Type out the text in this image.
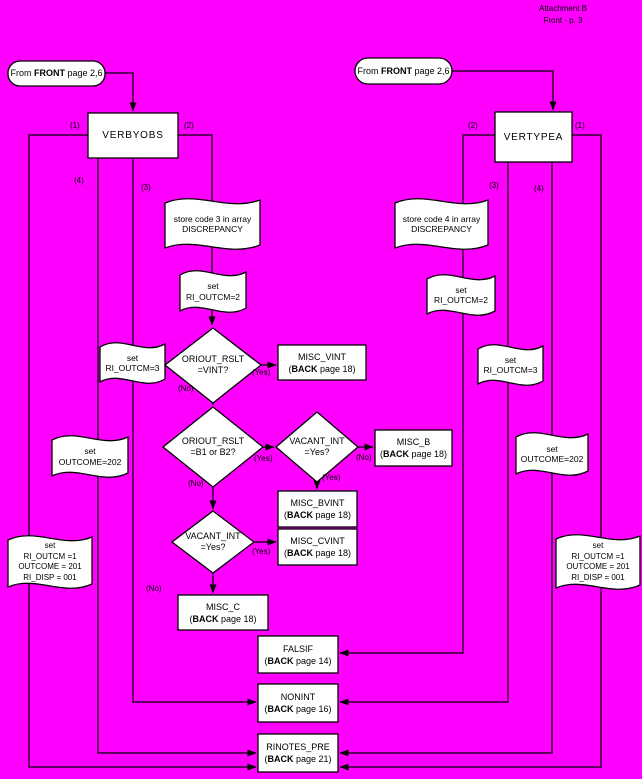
Attachment B
Front - p. 3
From FRONT page 2,6	From FRONT page 2,6
VERBYOBS	VERTYPEA
store code 3 in array
DISCREPANCY
set
RI_OUTCM=2
set
RI_OUTCM=3
set
OUTCOME=202
set
RI_OUTCM =1
OUTCOME = 201
RI_DISP = 001
store code 4 in array
DISCREPANCY
set
RI_OUTCM=2
set
RI_OUTCM=3
set
OUTCOME=202
set
RI_OUTCM =1
OUTCOME = 201
RI_DISP = 001
ORIOUT_RSLT
=VINT?
ORIOUT_RSLT
=B1 or B2?
VACANT_INT
=Yes?
VACANT_INT
=Yes?
MISC_VINT
(BACK page 18)
MISC_B
(BACK page 18)
MISC_BVINT
(BACK page 18)
MISC_CVINT
(BACK page 18)
MISC_C
(BACK page 18)
FALSIF
(BACK page 14)
NONINT
(BACK page 16)
RINOTES_PRE
(BACK page 21)
(1)	(2)
(4)
(3)
(2)	(1)
(3)	(4)
(Yes)
(No)
(Yes)
(No)
(No)
(Yes)
(Yes)
(No)
